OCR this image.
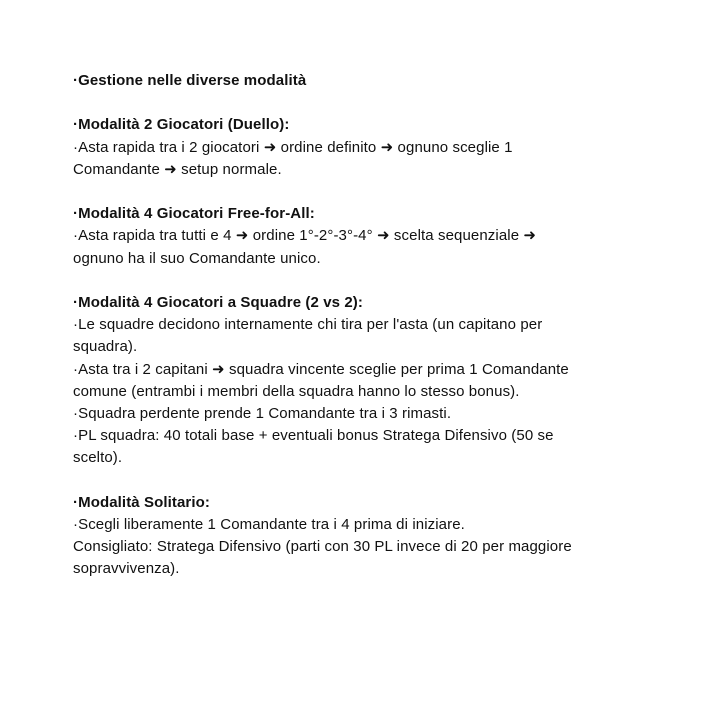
·Gestione nelle diverse modalità
·Modalità 2 Giocatori (Duello):
·Asta rapida tra i 2 giocatori ➜ ordine definito ➜ ognuno sceglie 1
Comandante ➜ setup normale.
·Modalità 4 Giocatori Free-for-All:
·Asta rapida tra tutti e 4 ➜ ordine 1°-2°-3°-4° ➜ scelta sequenziale ➜
ognuno ha il suo Comandante unico.
·Modalità 4 Giocatori a Squadre (2 vs 2):
·Le squadre decidono internamente chi tira per l'asta (un capitano per
squadra).
·Asta tra i 2 capitani ➜ squadra vincente sceglie per prima 1 Comandante
comune (entrambi i membri della squadra hanno lo stesso bonus).
·Squadra perdente prende 1 Comandante tra i 3 rimasti.
·PL squadra: 40 totali base + eventuali bonus Stratega Difensivo (50 se
scelto).
·Modalità Solitario:
·Scegli liberamente 1 Comandante tra i 4 prima di iniziare.
Consigliato: Stratega Difensivo (parti con 30 PL invece di 20 per maggiore
sopravvivenza).
